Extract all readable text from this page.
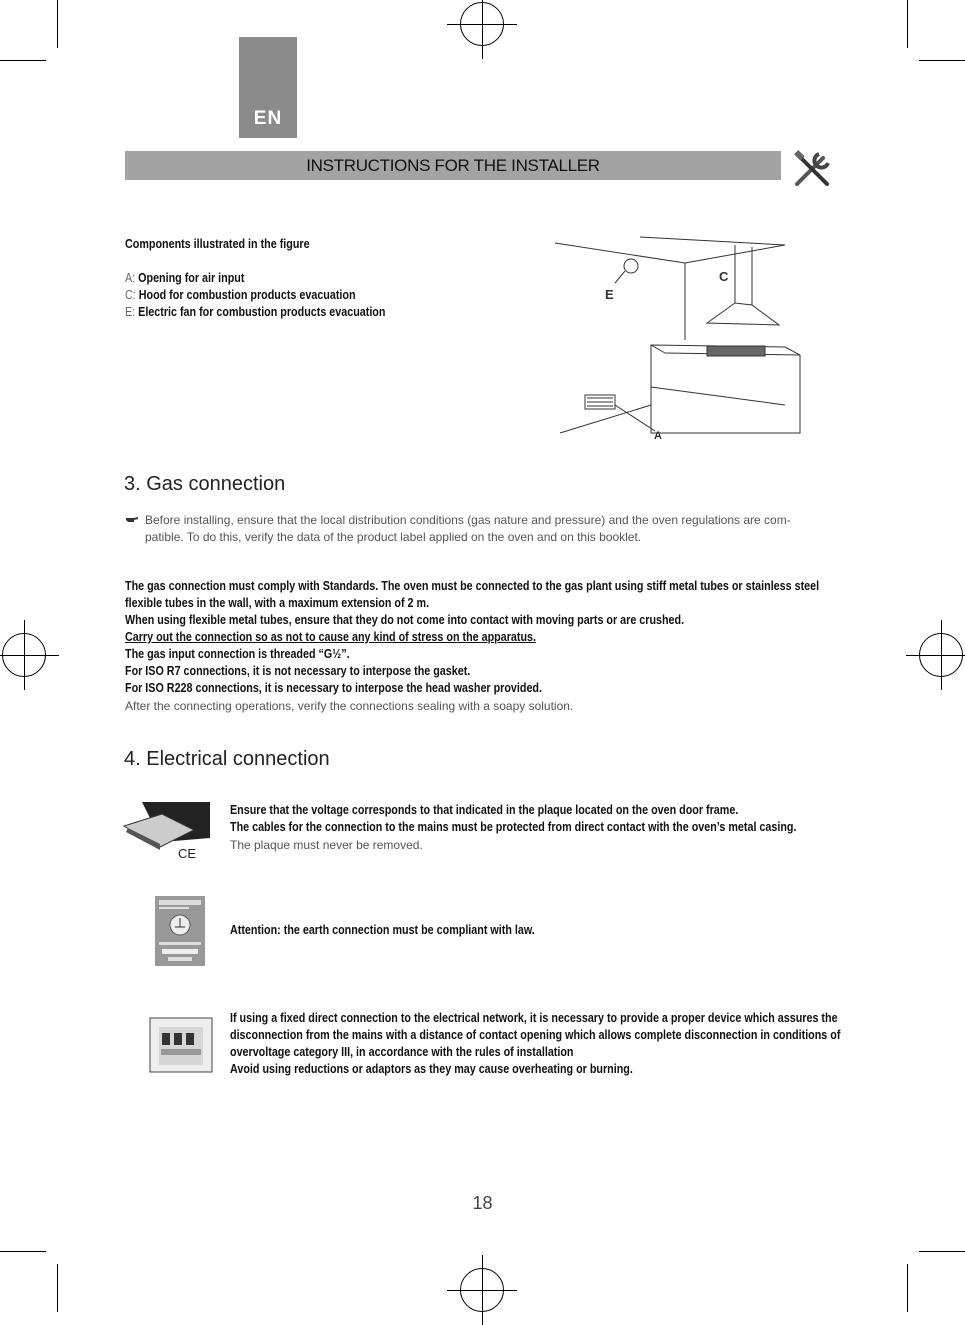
EN
INSTRUCTIONS FOR THE INSTALLER
Components illustrated in the figure
A: Opening for air input
C: Hood for combustion products evacuation
E: Electric fan for combustion products evacuation
E
C
A
3. Gas connection
Before installing, ensure that the local distribution conditions (gas nature and pressure) and the oven regulations are com-
patible. To do this, verify the data of the product label applied on the oven and on this booklet.
The gas connection must comply with Standards. The oven must be connected to the gas plant using stiff metal tubes or stainless steel
flexible tubes in the wall, with a maximum extension of 2 m.
When using flexible metal tubes, ensure that they do not come into contact with moving parts or are crushed.
Carry out the connection so as not to cause any kind of stress on the apparatus.
The gas input connection is threaded “G½”.
For ISO R7 connections, it is not necessary to interpose the gasket.
For ISO R228 connections, it is necessary to interpose the head washer provided.
After the connecting operations, verify the connections sealing with a soapy solution.
4. Electrical connection
CE
Ensure that the voltage corresponds to that indicated in the plaque located on the oven door frame.
The cables for the connection to the mains must be protected from direct contact with the oven’s metal casing.
The plaque must never be removed.
Attention: the earth connection must be compliant with law.
If using a fixed direct connection to the electrical network, it is necessary to provide a proper device which assures the
disconnection from the mains with a distance of contact opening which allows complete disconnection in conditions of
overvoltage category III, in accordance with the rules of installation
Avoid using reductions or adaptors as they may cause overheating or burning.
18
